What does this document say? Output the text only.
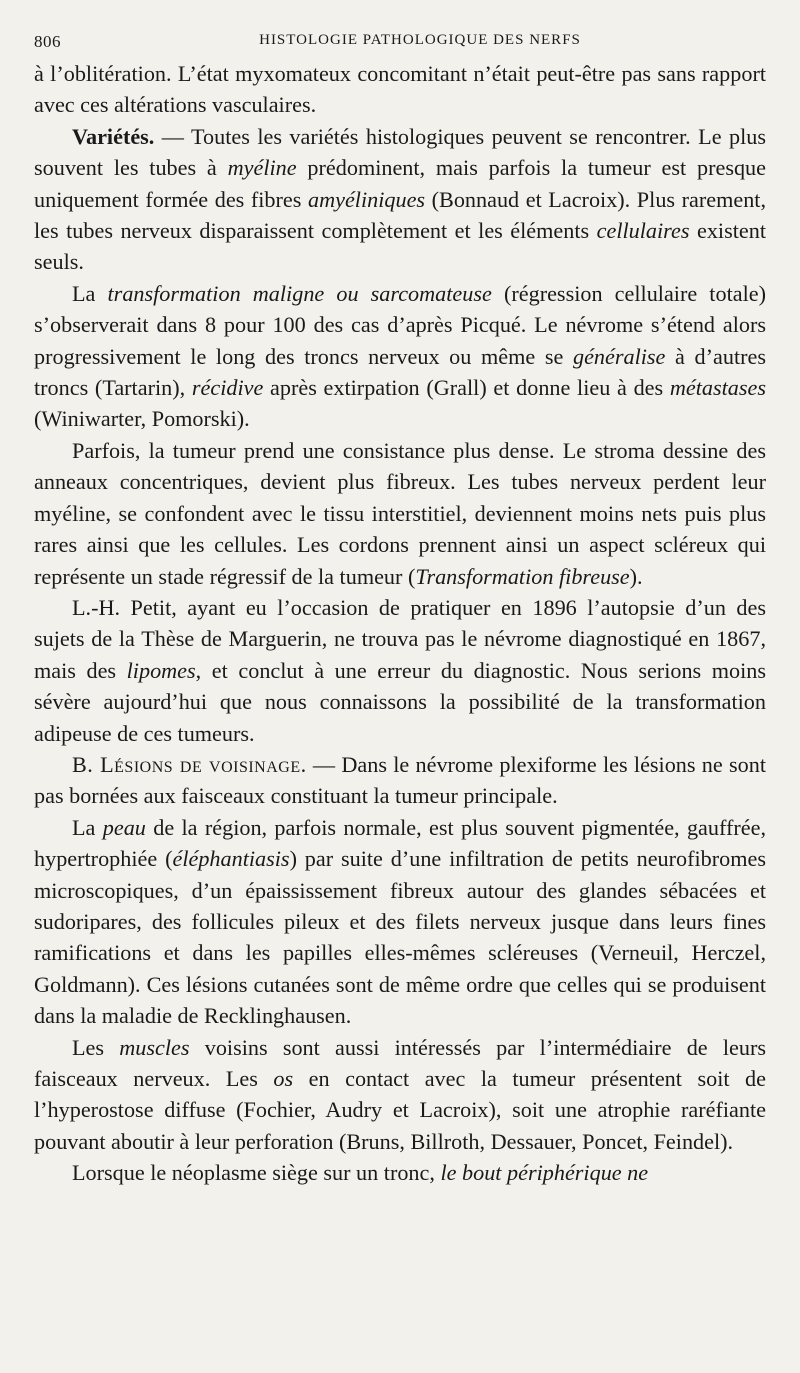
806	HISTOLOGIE PATHOLOGIQUE DES NERFS

à l’oblitération. L’état myxomateux concomitant n’était peut-être pas sans rapport avec ces altérations vasculaires.

Variétés. — Toutes les variétés histologiques peuvent se rencontrer. Le plus souvent les tubes à myéline prédominent, mais parfois la tumeur est presque uniquement formée des fibres amyéliniques (Bonnaud et Lacroix). Plus rarement, les tubes nerveux disparaissent complètement et les éléments cellulaires existent seuls.

La transformation maligne ou sarcomateuse (régression cellulaire totale) s’observerait dans 8 pour 100 des cas d’après Picqué. Le névrome s’étend alors progressivement le long des troncs nerveux ou même se généralise à d’autres troncs (Tartarin), récidive après extirpation (Grall) et donne lieu à des métastases (Winiwarter, Pomorski).

Parfois, la tumeur prend une consistance plus dense. Le stroma dessine des anneaux concentriques, devient plus fibreux. Les tubes nerveux perdent leur myéline, se confondent avec le tissu interstitiel, deviennent moins nets puis plus rares ainsi que les cellules. Les cordons prennent ainsi un aspect scléreux qui représente un stade régressif de la tumeur (Transformation fibreuse).

L.-H. Petit, ayant eu l’occasion de pratiquer en 1896 l’autopsie d’un des sujets de la Thèse de Marguerin, ne trouva pas le névrome diagnostiqué en 1867, mais des lipomes, et conclut à une erreur du diagnostic. Nous serions moins sévère aujourd’hui que nous connaissons la possibilité de la transformation adipeuse de ces tumeurs.

B. Lésions de voisinage. — Dans le névrome plexiforme les lésions ne sont pas bornées aux faisceaux constituant la tumeur principale.

La peau de la région, parfois normale, est plus souvent pigmentée, gauffrée, hypertrophiée (éléphantiasis) par suite d’une infiltration de petits neurofibromes microscopiques, d’un épaississement fibreux autour des glandes sébacées et sudoripares, des follicules pileux et des filets nerveux jusque dans leurs fines ramifications et dans les papilles elles-mêmes scléreuses (Verneuil, Herczel, Goldmann). Ces lésions cutanées sont de même ordre que celles qui se produisent dans la maladie de Recklinghausen.

Les muscles voisins sont aussi intéressés par l’intermédiaire de leurs faisceaux nerveux. Les os en contact avec la tumeur présentent soit de l’hyperostose diffuse (Fochier, Audry et Lacroix), soit une atrophie raréfiante pouvant aboutir à leur perforation (Bruns, Billroth, Dessauer, Poncet, Feindel).

Lorsque le néoplasme siège sur un tronc, le bout périphérique ne
